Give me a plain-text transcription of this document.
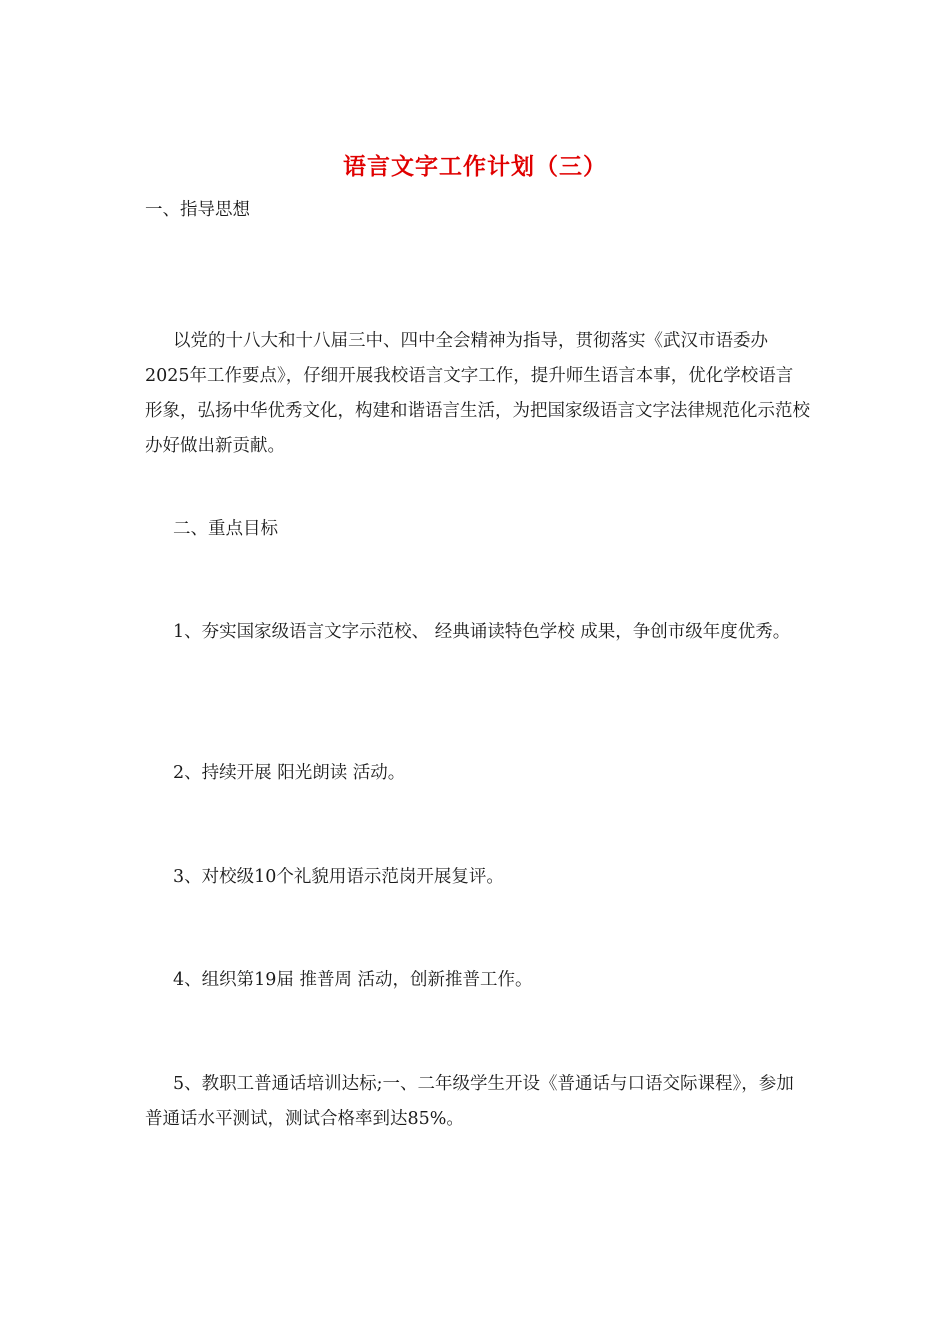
语言文字工作计划（三）

一、指导思想

以党的十八大和十八届三中、四中全会精神为指导，贯彻落实《武汉市语委办2025年工作要点》，仔细开展我校语言文字工作，提升师生语言本事，优化学校语言形象，弘扬中华优秀文化，构建和谐语言生活，为把国家级语言文字法律规范化示范校办好做出新贡献。

二、重点目标

1、夯实国家级语言文字示范校、 经典诵读特色学校 成果，争创市级年度优秀。

2、持续开展 阳光朗读 活动。

3、对校级10个礼貌用语示范岗开展复评。

4、组织第19届 推普周 活动，创新推普工作。

5、教职工普通话培训达标;一、二年级学生开设《普通话与口语交际课程》，参加普通话水平测试，测试合格率到达85%。
